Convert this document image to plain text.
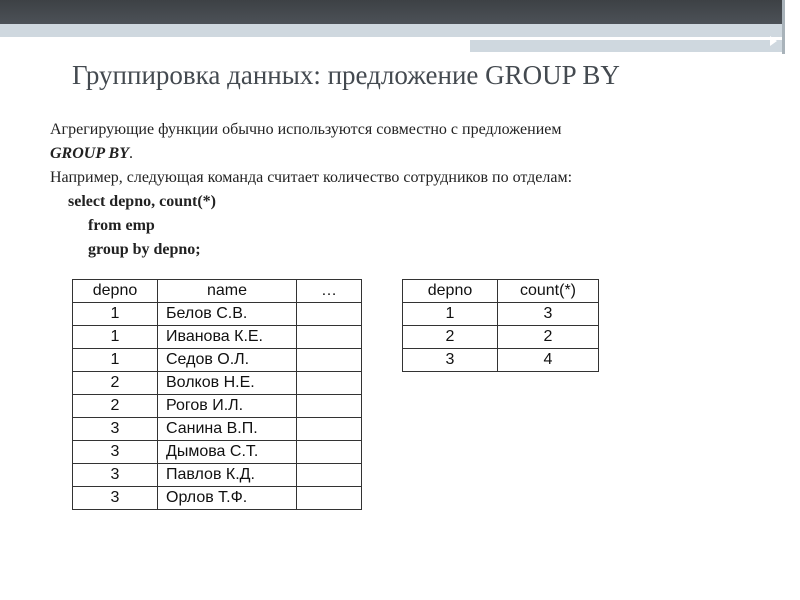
Группировка данных: предложение GROUP BY

Агрегирующие функции обычно используются совместно с предложением

GROUP BY.

Например, следующая команда считает количество сотрудников по отделам:

select depno, count(*)
from emp
group by depno;
depno	name	…
1	Белов С.В.	
1	Иванова К.Е.	
1	Седов О.Л.	
2	Волков Н.Е.	
2	Рогов И.Л.	
3	Санина В.П.	
3	Дымова С.Т.	
3	Павлов К.Д.	
3	Орлов Т.Ф.	
depno	count(*)
1	3
2	2
3	4
